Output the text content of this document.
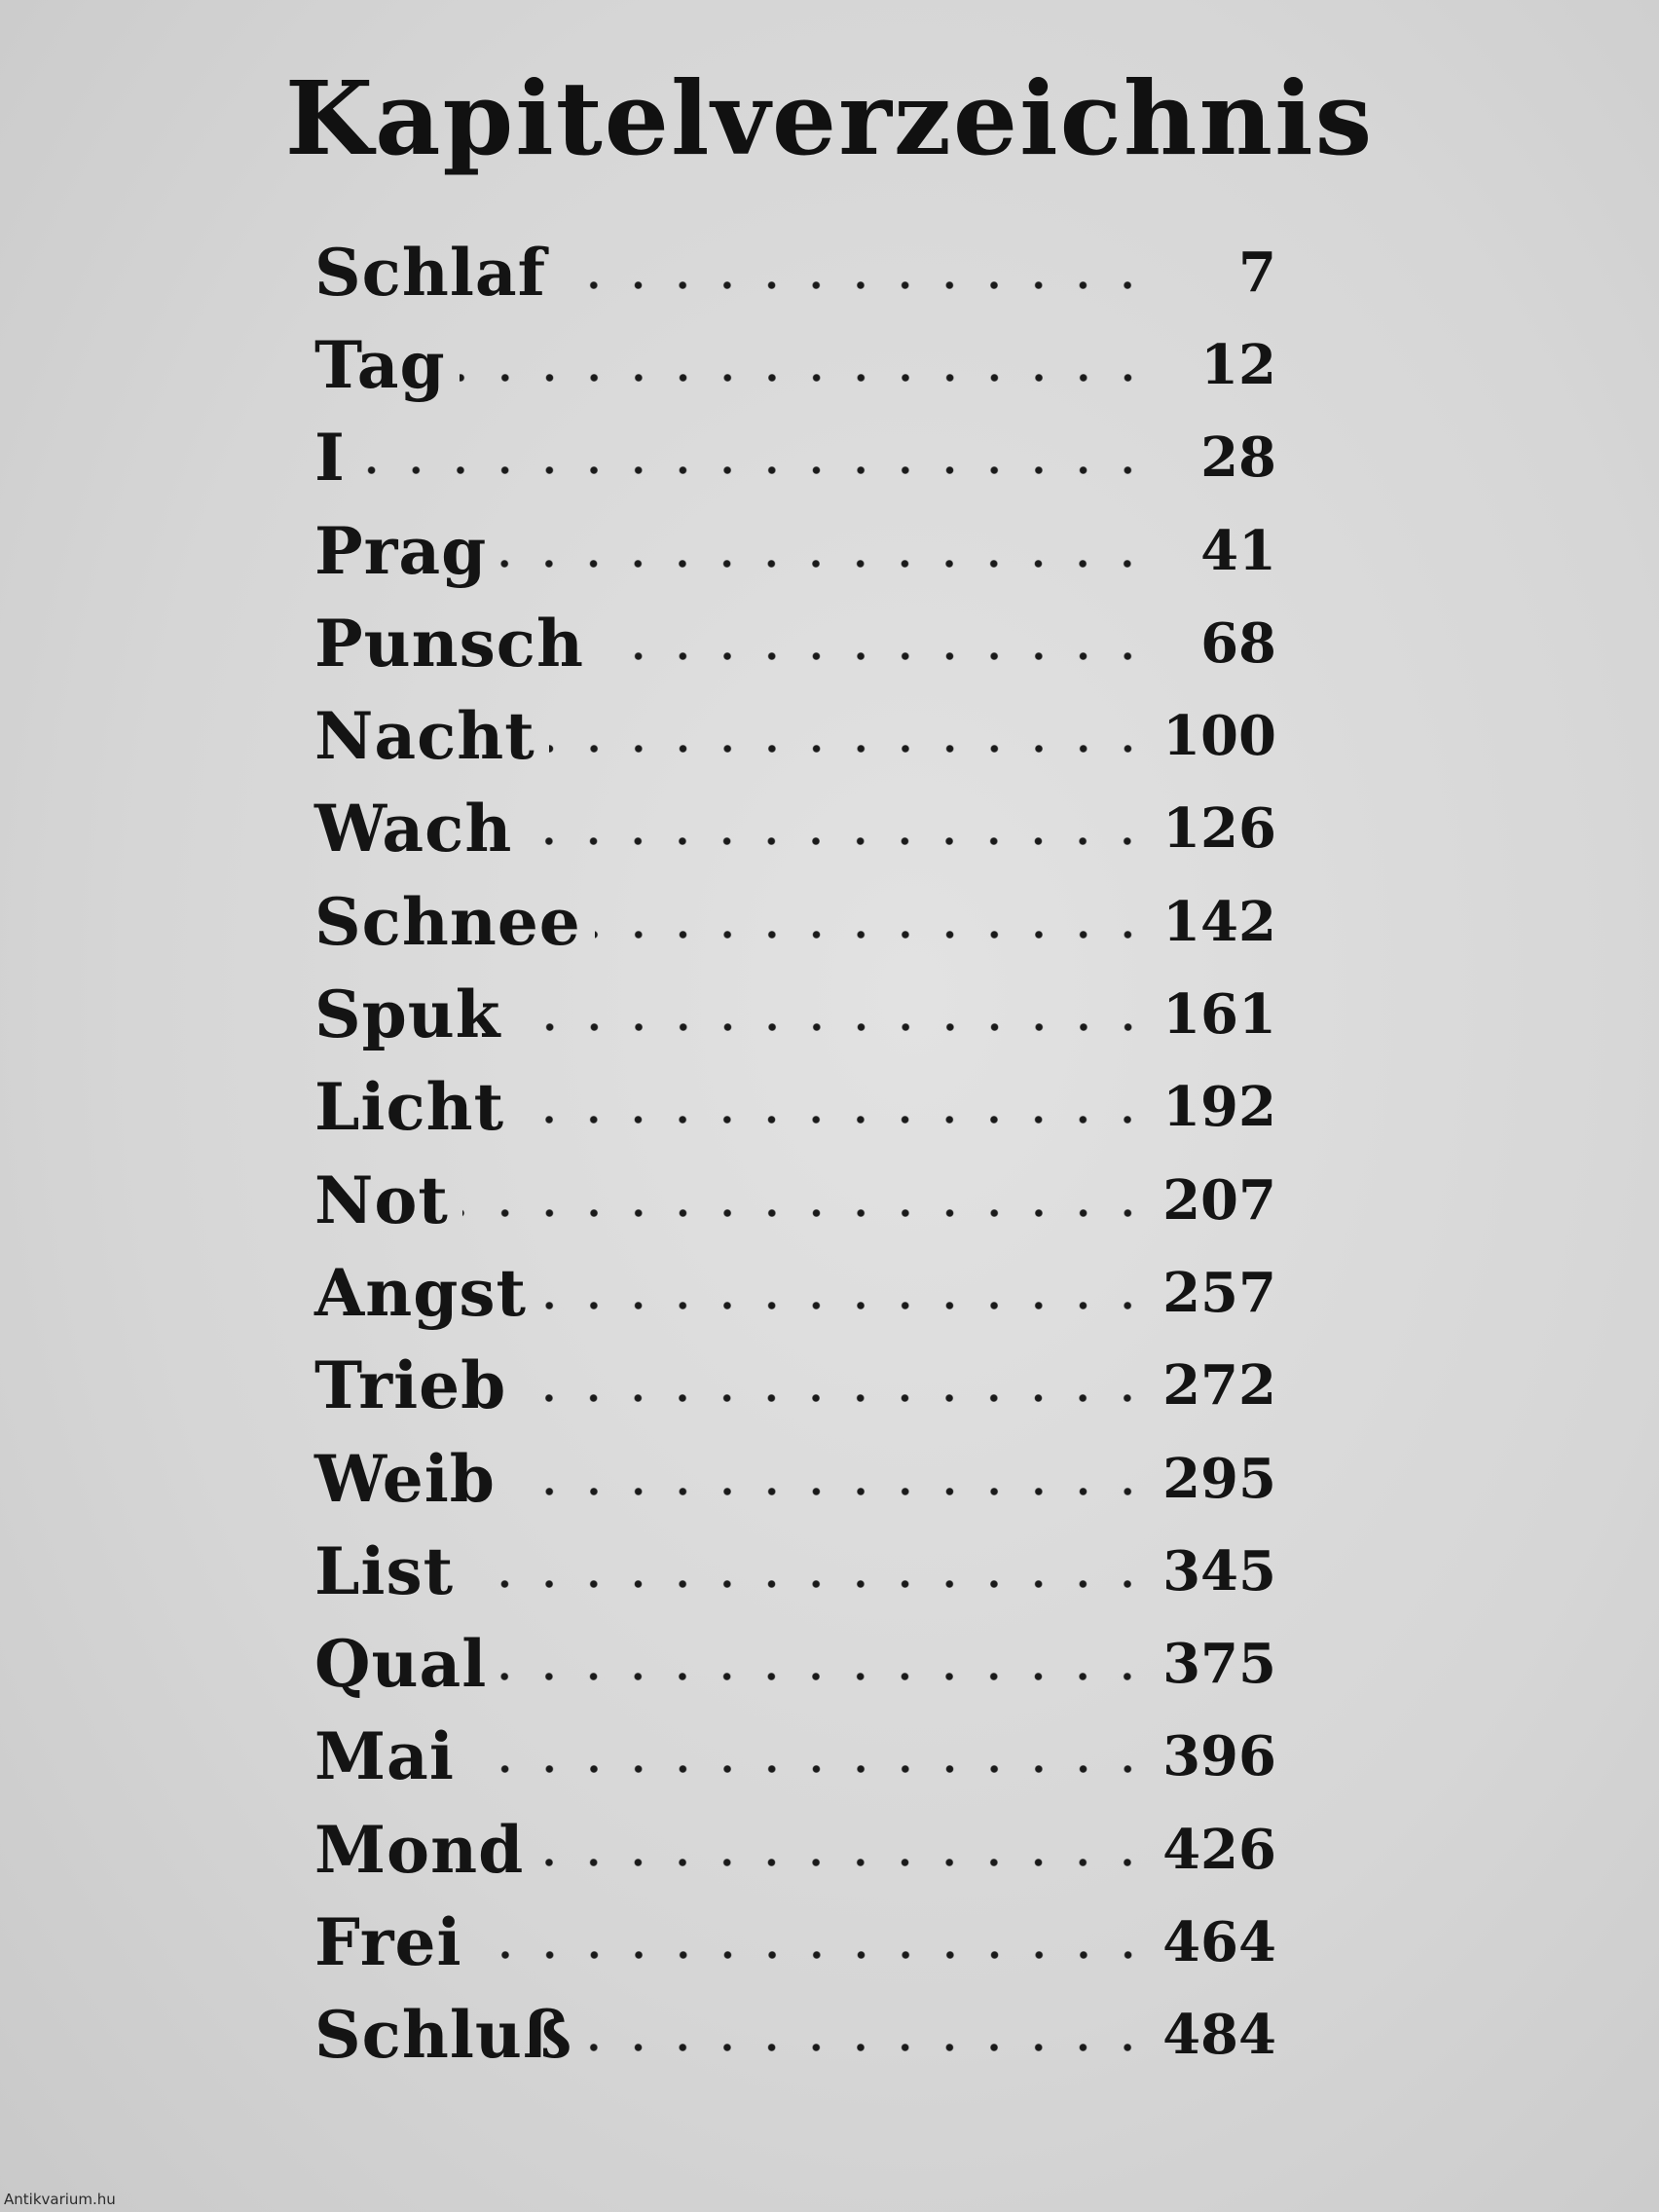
Kapitelverzeichnis
Schlaf	7
Tag	12
I	28
Prag	41
Punsch	68
Nacht	100
Wach	126
Schnee	142
Spuk	161
Licht	192
Not	207
Angst	257
Trieb	272
Weib	295
List	345
Qual	375
Mai	396
Mond	426
Frei	464
Schluß	484
Antikvarium.hu
